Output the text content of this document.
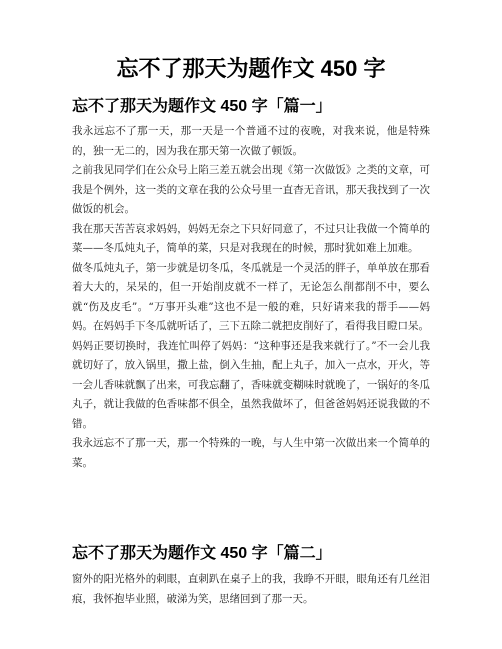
忘不了那天为题作文 450 字
忘不了那天为题作文 450 字「篇一」

我永远忘不了那一天，那一天是一个普通不过的夜晚，对我来说，他是特殊的，独一无二的，因为我在那天第一次做了顿饭。

之前我见同学们在公众号上陷三差五就会出现《第一次做饭》之类的文章，可我是个例外，这一类的文章在我的公众号里一直杳无音讯，那天我找到了一次做饭的机会。

我在那天苦苦哀求妈妈，妈妈无奈之下只好同意了，不过只让我做一个简单的菜——冬瓜炖丸子，简单的菜，只是对我现在的时候，那时犹如难上加难。

做冬瓜炖丸子，第一步就是切冬瓜，冬瓜就是一个灵活的胖子，单单放在那看着大大的，呆呆的，但一开始削皮就不一样了，无论怎么削都削不中，要么就“伤及皮毛”。“万事开头难”这也不是一般的难，只好请来我的帮手——妈妈。在妈妈手下冬瓜就听话了，三下五除二就把皮削好了，看得我目瞪口呆。

妈妈正要切换时，我连忙叫停了妈妈：“这种事还是我来就行了。”不一会儿我就切好了，放入锅里，撒上盐，倒入生抽，配上丸子，加入一点水，开火，等一会儿香味就飘了出来，可我忘翻了，香味就变糊味时就晚了，一锅好的冬瓜丸子，就让我做的色香味都不俱全，虽然我做坏了，但爸爸妈妈还说我做的不错。

我永远忘不了那一天，那一个特殊的一晚，与人生中第一次做出来一个简单的菜。

忘不了那天为题作文 450 字「篇二」

窗外的阳光格外的刺眼，直刺趴在桌子上的我，我睁不开眼，眼角还有几丝泪痕，我怀抱毕业照，破涕为笑，思绪回到了那一天。
